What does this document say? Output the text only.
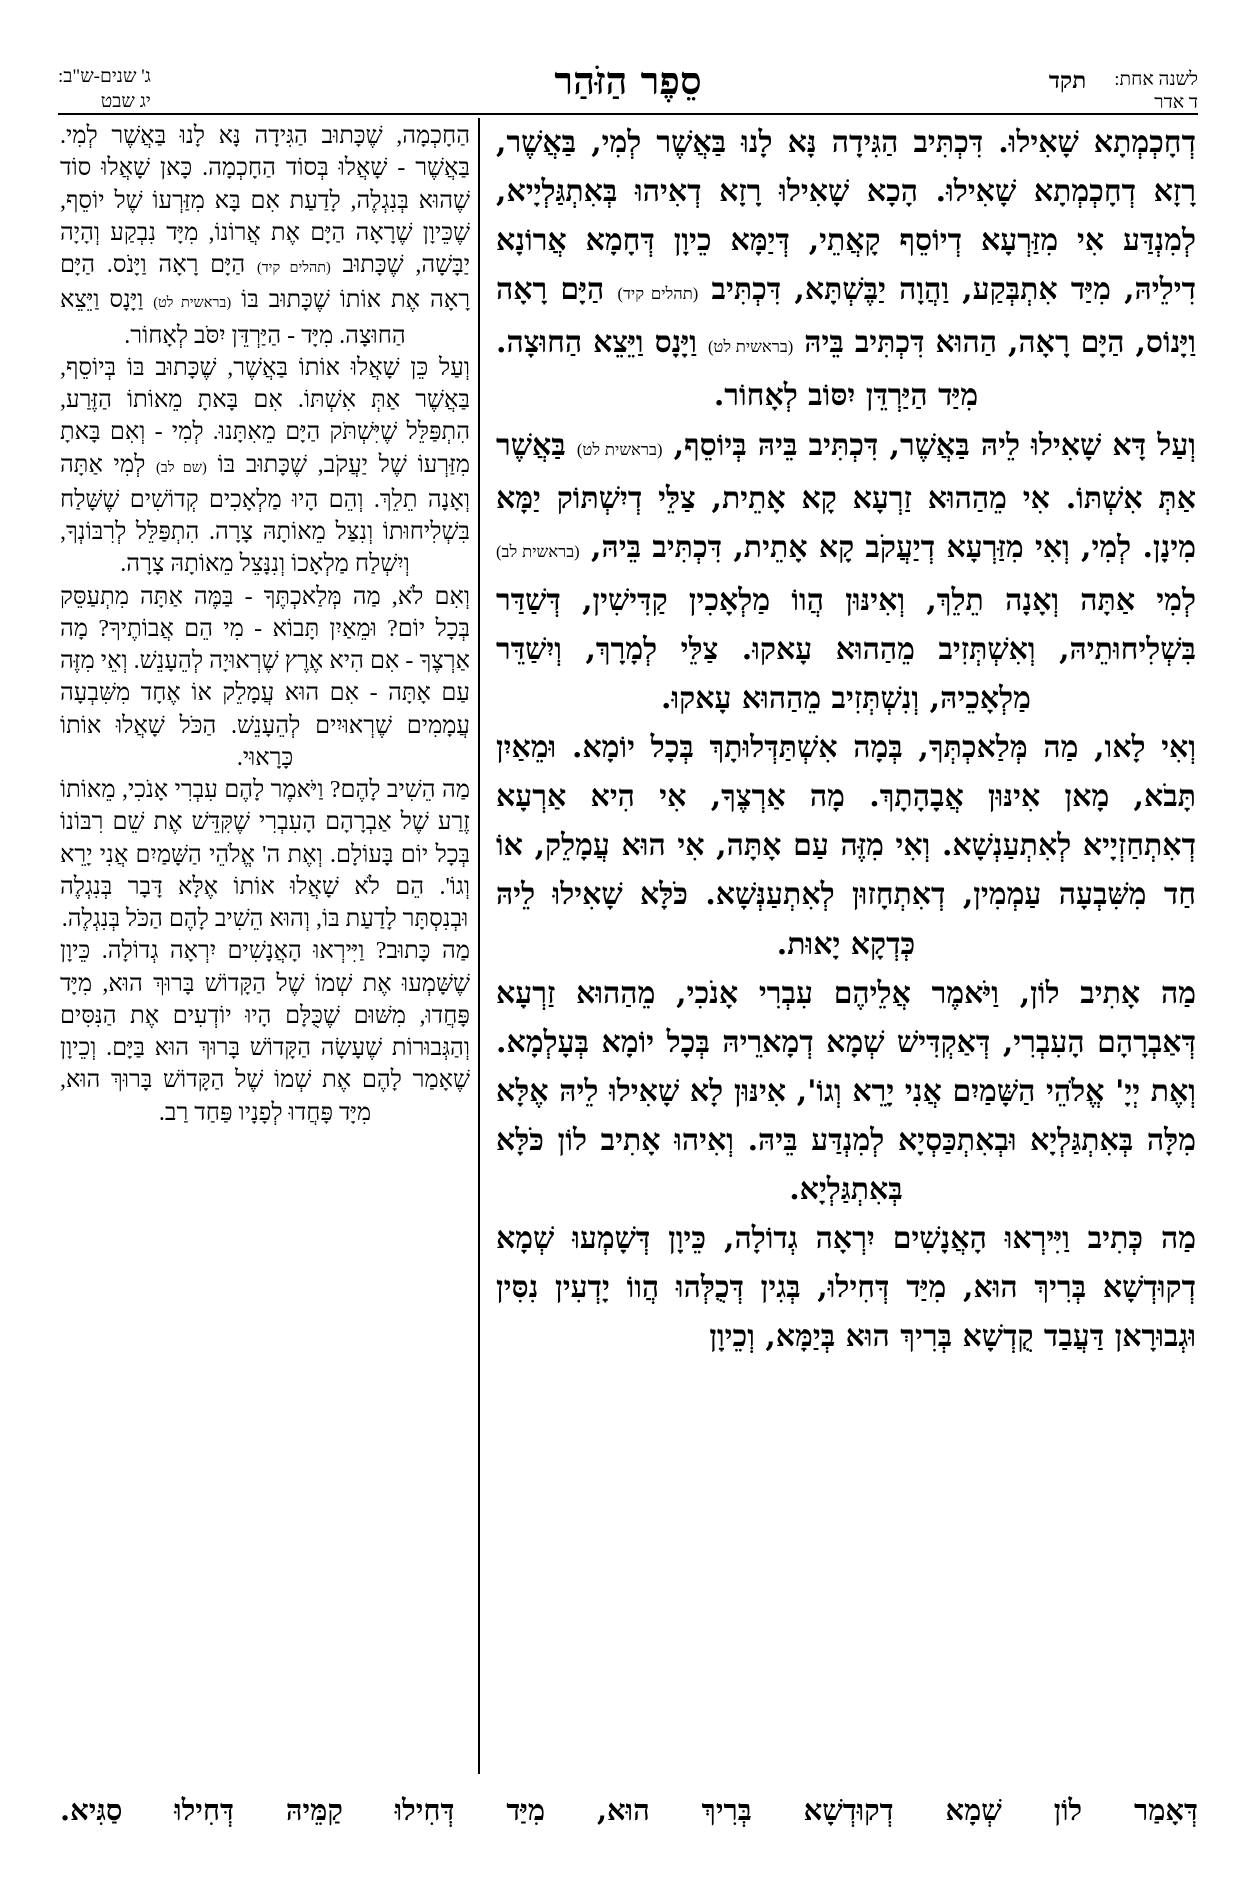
לשנה אחת:
ד אדר
תקד
סֵפֶר הַזֹּהַר
ג' שנים-ש"ב:
יג שבט

דְחָכְמְתָא שָׁאִילוּ. דִּכְתִּיב הַגִּידָה נָּא לָנוּ בַּאֲשֶׁר לְמִי, בַּאֲשֶׁר, רָזָא דְחָכְמְתָא שָׁאִילוּ. הָכָא שָׁאִילוּ רָזָא דְאִיהוּ בְּאִתְגַּלְיָיא, לְמִנְדַּע אִי מִזַּרְעָא דְיוֹסֵף קָאֲתֵי, דְּיַמָּא כֵיוָן דְּחָמָא אֲרוֹנָא דִילֵיהּ, מִיַּד אִתְבְּקַע, וַהֲוָה יַבֶּשְׁתָּא, דִּכְתִּיב (תהלים קיד) הַיָּם רָאָה וַיָּנוֹס, הַיָּם רָאָה, הַהוּא דִּכְתִּיב בֵּיהּ (בראשית לט) וַיָּנָס וַיֵּצֵא הַחוּצָה. מִיַּד הַיַּרְדֵּן יִסּוֹב לְאָחוֹר.

וְעַל דָּא שָׁאִילוּ לֵיהּ בַּאֲשֶׁר, דִּכְתִּיב בֵּיהּ בְּיוֹסֵף, (בראשית לט) בַּאֲשֶׁר אַתְּ אִשְׁתּוֹ. אִי מֵהַהוּא זַרְעָא קָא אָתֵית, צַלֵּי דְיִשְׁתּוֹק יַמָּא מִינָן. לְמִי, וְאִי מִזַּרְעָא דְיַעֲקֹב קָא אָתֵית, דִּכְתִּיב בֵּיהּ, (בראשית לב) לְמִי אַתָּה וְאָנָה תֵלֵךְ, וְאִינּוּן הֲווֹ מַלְאָכִין קַדִּישִׁין, דְּשַׁדַּר בִּשְׁלִיחוּתֵיהּ, וְאִשְׁתְּזִיב מֵהַהוּא עָאקוּ. צַלֵּי לְמָרָךְ, וְיִשַׁדֵּר מַלְאָכֵיהּ, וְנִשְׁתְּזִיב מֵהַהוּא עָאקוּ.

וְאִי לָאו, מַה מְּלַאכְתְּךָ, בְּמָה אִשְׁתַּדְּלוּתָךְ בְּכָל יוֹמָא. וּמֵאַיִן תָּבֹא, מָאן אִינּוּן אֲבָהָתָךְ. מָה אַרְצֶךָ, אִי הִיא אַרְעָא דְאִתְחַזְיָיא לְאִתְעַנְשָׁא. וְאִי מִזֶּה עַם אָתָּה, אִי הוּא עֲמָלֵק, אוֹ חַד מִשִּׁבְעָה עַמְמִין, דְאִתְחָזוּן לְאִתְעַנְּשָׁא. כֹּלָּא שָׁאִילוּ לֵיהּ כְּדְקָא יָאוּת.

מַה אָתִיב לוֹן, וַיֹּאמֶר אֲלֵיהֶם עִבְרִי אָנֹכִי, מֵהַהוּא זַרְעָא דְּאַבְרָהָם הָעִבְרִי, דְּאַקְדִּישׁ שְׁמָא דְמָארֵיהּ בְּכָל יוֹמָא בְּעָלְמָא. וְאֶת יְיָ' אֱלֹהֵי הַשָּׁמַיִם אֲנִי יָרֵא וְגוֹ', אִינּוּן לָא שָׁאִילוּ לֵיהּ אֶלָּא מִלָּה בְּאִתְגַּלְיָא וּבְאִתְכַּסְיָא לְמִנְדַּע בֵּיהּ. וְאִיהוּ אָתִיב לוֹן כֹּלָּא בְּאִתְגַּלְיָא.

מַה כְּתִיב וַיִּירְאוּ הָאֲנָשִׁים יִרְאָה גְדוֹלָה, כֵּיוָן דְּשָׁמְעוּ שְׁמָא דְקוּדְשָׁא בְּרִיךְ הוּא, מִיַּד דְּחִילוּ, בְּגִין דְּכֻלְּהוּ הֲווֹ יָדְעִין נִסִּין וּגְבוּרָאן דַּעֲבַד קֻדְשָׁא בְּרִיךְ הוּא בְּיַמָּא, וְכֵיוָן

הַחָכְמָה, שֶׁכָּתוּב הַגִּידָה נָּא לָנוּ בַּאֲשֶׁר לְמִי. בַּאֲשֶׁר - שָׁאֲלוּ בְּסוֹד הַחָכְמָה. כָּאן שָׁאֲלוּ סוֹד שֶׁהוּא בְּנִגְלֶה, לָדַעַת אִם בָּא מִזַּרְעוֹ שֶׁל יוֹסֵף, שֶׁכֵּיוָן שֶׁרָאָה הַיָּם אֶת אֲרוֹנוֹ, מִיָּד נִבְקַע וְהָיָה יַבָּשָׁה, שֶׁכָּתוּב (תהלים קיד) הַיָּם רָאָה וַיָּנֹס. הַיָּם רָאָה אֶת אוֹתוֹ שֶׁכָּתוּב בּוֹ (בראשית לט) וַיָּנָס וַיֵּצֵא הַחוּצָה. מִיָּד - הַיַּרְדֵּן יִסֹּב לְאָחוֹר.

וְעַל כֵּן שָׁאֲלוּ אוֹתוֹ בַּאֲשֶׁר, שֶׁכָּתוּב בּוֹ בְּיוֹסֵף, בַּאֲשֶׁר אַתְּ אִשְׁתּוֹ. אִם בָּאתָ מֵאוֹתוֹ הַזֶּרַע, הִתְפַּלֵּל שֶׁיִּשְׁתֹּק הַיָּם מֵאִתָּנוּ. לְמִי - וְאִם בָּאתָ מִזַּרְעוֹ שֶׁל יַעֲקֹב, שֶׁכָּתוּב בּוֹ (שם לב) לְמִי אַתָּה וְאָנָה תֵלֵךְ. וְהֵם הָיוּ מַלְאָכִים קְדוֹשִׁים שֶׁשָּׁלַח בִּשְׁלִיחוּתוֹ וְנִצַּל מֵאוֹתָהּ צָרָה. הִתְפַּלֵּל לְרִבּוֹנְךָ, וְיִשְׁלַח מַלְאָכוֹ וְנִנָּצֵל מֵאוֹתָהּ צָרָה.

וְאִם לֹא, מַה מְּלַאכְתֶּךָ - בַּמֶּה אַתָּה מִתְעַסֵּק בְּכָל יוֹם? וּמֵאַיִן תָּבוֹא - מִי הֵם אֲבוֹתֶיךָ? מָה אַרְצֶךָ - אִם הִיא אֶרֶץ שֶׁרְאוּיָה לְהֵעָנֵשׁ. וְאֵי מִזֶּה עַם אָתָּה - אִם הוּא עֲמָלֵק אוֹ אֶחָד מִשִּׁבְעָה עֲמָמִים שֶׁרְאוּיִים לְהֵעָנֵשׁ. הַכֹּל שָׁאֲלוּ אוֹתוֹ כָּרָאוּי.

מַה הֵשִׁיב לָהֶם? וַיֹּאמֶר לָהֶם עִבְרִי אָנֹכִי, מֵאוֹתוֹ זֶרַע שֶׁל אַבְרָהָם הָעִבְרִי שֶׁקִּדֵּשׁ אֶת שֵׁם רִבּוֹנוֹ בְּכָל יוֹם בָּעוֹלָם. וְאֶת ה' אֱלֹהֵי הַשָּׁמַיִם אֲנִי יָרֵא וְגוֹ'. הֵם לֹא שָׁאֲלוּ אוֹתוֹ אֶלָּא דָּבָר בְּנִגְלֶה וּבְנִסְתָּר לָדַעַת בּוֹ, וְהוּא הֵשִׁיב לָהֶם הַכֹּל בְּנִגְלֶה.

מַה כָּתוּב? וַיִּירְאוּ הָאֲנָשִׁים יִרְאָה גְדוֹלָה. כֵּיוָן שֶׁשָּׁמְעוּ אֶת שְׁמוֹ שֶׁל הַקָּדוֹשׁ בָּרוּךְ הוּא, מִיָּד פָּחֲדוּ, מִשּׁוּם שֶׁכֻּלָּם הָיוּ יוֹדְעִים אֶת הַנִּסִּים וְהַגְּבוּרוֹת שֶׁעָשָׂה הַקָּדוֹשׁ בָּרוּךְ הוּא בַּיָּם. וְכֵיוָן שֶׁאָמַר לָהֶם אֶת שְׁמוֹ שֶׁל הַקָּדוֹשׁ בָּרוּךְ הוּא, מִיָּד פָּחֲדוּ לְפָנָיו פַּחַד רַב.

דְּאָמַר לוֹן שְׁמָא דְקוּדְשָׁא בְּרִיךְ הוּא, מִיַּד דְּחִילוּ קַמֵּיהּ דְּחִילוּ סַגִּיא.
